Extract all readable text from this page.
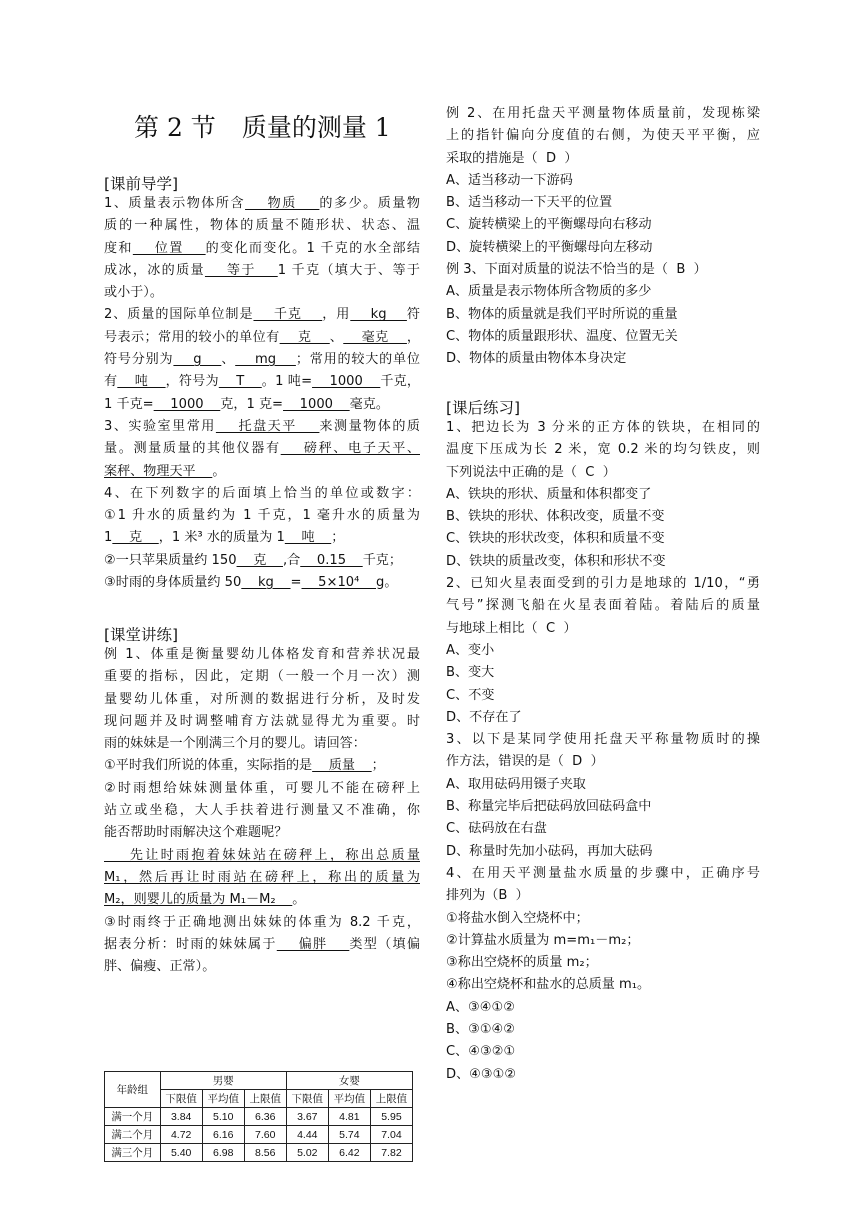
第 2 节 质量的测量 1
[课前导学]
1、质量表示物体所含    物质    的多少。质量物
质的一种属性，物体的质量不随形状、状态、温
度和    位置    的变化而变化。1 千克的水全部结
成冰，冰的质量    等于    1 千克（填大于、等于
或小于）。
2、质量的国际单位制是    千克    ，用    kg    符
号表示；常用的较小的单位有    克    、    毫克    ，
符号分别为    g    、    mg    ；常用的较大的单位
有    吨    ，符号为    T    。1 吨=    1000    千克，
1 千克=    1000    克，1 克=    1000    毫克。
3、实验室里常用    托盘天平    来测量物体的质
量。测量质量的其他仪器有    磅秤、电子天平、
案秤、物理天平    。
4、在下列数字的后面填上恰当的单位或数字：
①1 升水的质量约为 1 千克，1 毫升水的质量为
1    克    ，1 米³ 水的质量为 1    吨    ；
②一只苹果质量约 150    克    ,合    0.15    千克；
③时雨的身体质量约 50    kg    =    5×10⁴    g。
[课堂讲练]
例 1、体重是衡量婴幼儿体格发育和营养状况最
重要的指标，因此，定期（一般一个月一次）测
量婴幼儿体重，对所测的数据进行分析，及时发
现问题并及时调整哺育方法就显得尤为重要。时
雨的妹妹是一个刚满三个月的婴儿。请回答：
①平时我们所说的体重，实际指的是    质量    ；
②时雨想给妹妹测量体重，可婴儿不能在磅秤上
站立或坐稳，大人手扶着进行测量又不准确，你
能否帮助时雨解决这个难题呢？
先让时雨抱着妹妹站在磅秤上，称出总质量
M₁，然后再让时雨站在磅秤上，称出的质量为
M₂，则婴儿的质量为 M₁－M₂    。
③时雨终于正确地测出妹妹的体重为 8.2 千克，
据表分析：时雨的妹妹属于    偏胖    类型（填偏
胖、偏瘦、正常）。
年龄组	男婴			女婴		
	下限值	平均值	上限值	下限值	平均值	上限值
满一个月	3.84	5.10	6.36	3.67	4.81	5.95
满二个月	4.72	6.16	7.60	4.44	5.74	7.04
满三个月	5.40	6.98	8.56	5.02	6.42	7.82
例 2、在用托盘天平测量物体质量前，发现栋梁
上的指针偏向分度值的右侧，为使天平平衡，应
采取的措施是（  D  ）
A、适当移动一下游码
B、适当移动一下天平的位置
C、旋转横梁上的平衡螺母向右移动
D、旋转横梁上的平衡螺母向左移动
例 3、下面对质量的说法不恰当的是（  B  ）
A、质量是表示物体所含物质的多少
B、物体的质量就是我们平时所说的重量
C、物体的质量跟形状、温度、位置无关
D、物体的质量由物体本身决定
[课后练习]
1、把边长为 3 分米的正方体的铁块，在相同的
温度下压成为长 2 米，宽 0.2 米的均匀铁皮，则
下列说法中正确的是（  C  ）
A、铁块的形状、质量和体积都变了
B、铁块的形状、体积改变，质量不变
C、铁块的形状改变，体积和质量不变
D、铁块的质量改变，体积和形状不变
2、已知火星表面受到的引力是地球的 1/10，“勇
气号”探测飞船在火星表面着陆。着陆后的质量
与地球上相比（  C  ）
A、变小
B、变大
C、不变
D、不存在了
3、以下是某同学使用托盘天平称量物质时的操
作方法，错误的是（  D  ）
A、取用砝码用镊子夹取
B、称量完毕后把砝码放回砝码盒中
C、砝码放在右盘
D、称量时先加小砝码，再加大砝码
4、在用天平测量盐水质量的步骤中，正确序号
排列为（B  ）
①将盐水倒入空烧杯中；
②计算盐水质量为 m=m₁－m₂；
③称出空烧杯的质量 m₂；
④称出空烧杯和盐水的总质量 m₁。
A、③④①②
B、③①④②
C、④③②①
D、④③①②
